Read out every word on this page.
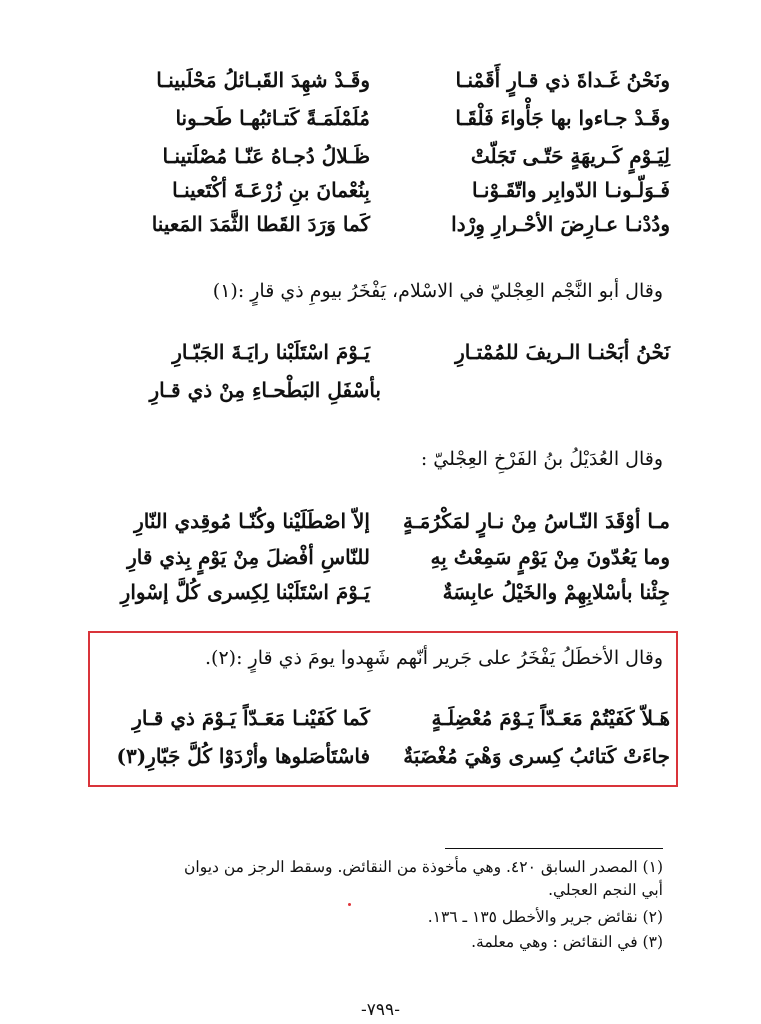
ونَحْنُ غَـداةَ ذي قـارٍ أَقَمْنـا
وقَـدْ شهِدَ القَبـائلُ مَحْلَبينـا
وقَـدْ جـاءوا بها جَأْواءَ فَلْقَـا
مُلَمْلَمَـةً كَتـائبُهـا طَحـونا
لِيَـوْمٍ كَـريهَةٍ حَتّـى تَجَلّتْ
ظَـلالُ دُجـاهُ عَنّـا مُصْلَتينـا
فَـوَلّـونـا الدّوابِر واتّقَـوْنـا
بِنُعْمانَ بنِ زُرْعَـةَ أكْتَعينـا
ودُدْنـا عـارِضَ الأحْـرارِ وِرْدا
كَما وَرَدَ القَطا الثَّمَدَ المَعينا
وقال أبو النَّجْم العِجْليّ في الاسْلام، يَفْخَرُ بيومِ ذي قارٍ :(١)
نَحْنُ أبَحْنـا الـريفَ للمُمْتـارِ
يَـوْمَ اسْتَلَبْنا رايَـةَ الجَبّـارِ
بأسْفَلِ البَطْحـاءِ مِنْ ذي قـارِ
وقال العُدَيْلُ بنُ الفَرْخِ العِجْليّ :
مـا أوْقَدَ النّـاسُ مِنْ نـارٍ لمَكْرُمَـةٍ
إلاّ اصْطَلَيْنا وكُنّـا مُوقِدي النّارِ
وما يَعُدّونَ مِنْ يَوْمٍ سَمِعْتُ بِهِ
للنّاسِ أفْضلَ مِنْ يَوْمٍ بِذي قارِ
جِئْنا بأسْلابِهِمْ والخَيْلُ عابِسَةٌ
يَـوْمَ اسْتَلَبْنا لِكِسرى كُلَّ إسْوارِ
وقال الأخطَلُ يَفْخَرُ على جَرير أنّهم شَهِدوا يومَ ذي قارٍ :(٢).
هَـلاّ كَفَيْتُمْ مَعَـدّاً يَـوْمَ مُعْضِلَـةٍ
كَما كَفَيْنـا مَعَـدّاً يَـوْمَ ذي قـارِ
جاءَتْ كَتائبُ كِسرى وَهْيَ مُغْضَبَةٌ
فاسْتَأصَلوها وأرْدَوْا كُلَّ جَبّارِ(٣)
(١) المصدر السابق ٤٢٠. وهي مأخوذة من النقائض. وسقط الرجز من ديوان
أبي النجم العجلي.
(٢) نقائض جرير والأخطل ١٣٥ ـ ١٣٦.
(٣) في النقائض : وهي معلمة.
-٧٩٩-
